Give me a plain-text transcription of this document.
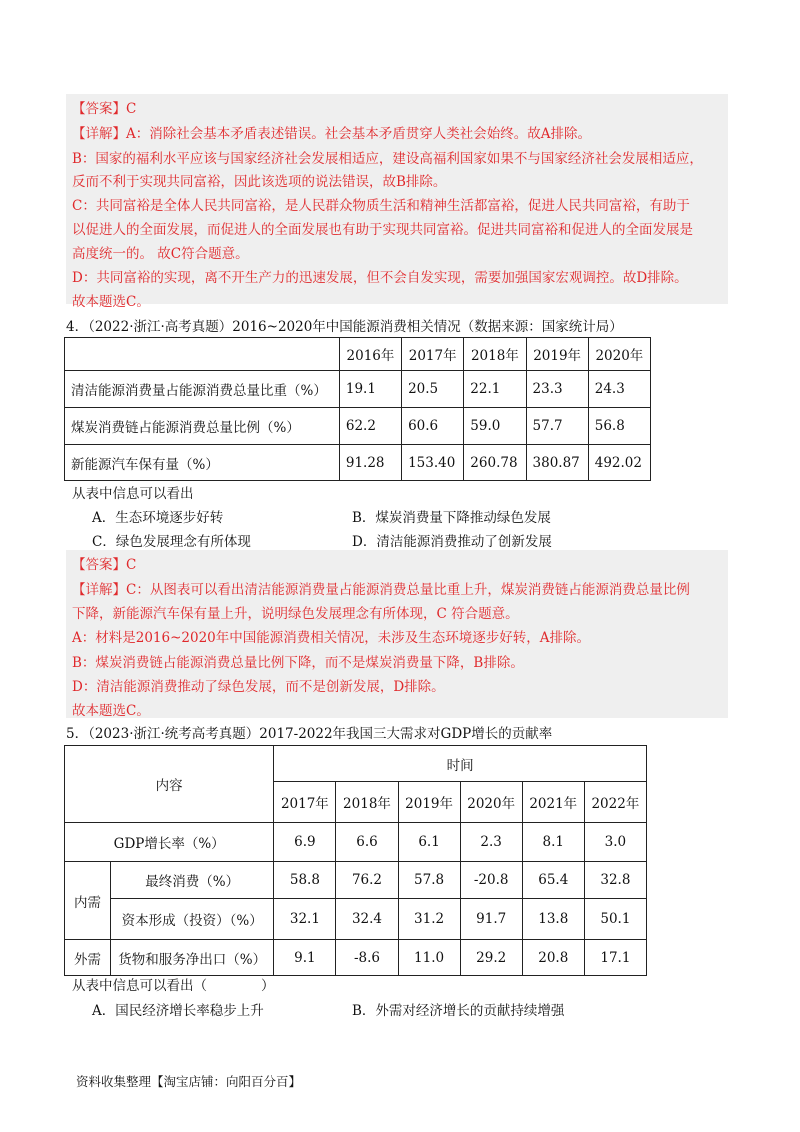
【答案】C
【详解】A：消除社会基本矛盾表述错误。社会基本矛盾贯穿人类社会始终。故A排除。
B：国家的福利水平应该与国家经济社会发展相适应，建设高福利国家如果不与国家经济社会发展相适应，
反而不利于实现共同富裕，因此该选项的说法错误，故B排除。
C：共同富裕是全体人民共同富裕，是人民群众物质生活和精神生活都富裕，促进人民共同富裕，有助于
以促进人的全面发展，而促进人的全面发展也有助于实现共同富裕。促进共同富裕和促进人的全面发展是
高度统一的。 故C符合题意。
D：共同富裕的实现，离不开生产力的迅速发展，但不会自发实现，需要加强国家宏观调控。故D排除。
故本题选C。
4．（2022·浙江·高考真题）2016~2020年中国能源消费相关情况（数据来源：国家统计局）
	2016年	2017年	2018年	2019年	2020年
清洁能源消费量占能源消费总量比重（%）	19.1	20.5	22.1	23.3	24.3
煤炭消费链占能源消费总量比例（%）	62.2	60.6	59.0	57.7	56.8
新能源汽车保有量（%）	91.28	153.40	260.78	380.87	492.02
从表中信息可以看出
A．生态环境逐步好转	B．煤炭消费量下降推动绿色发展
C．绿色发展理念有所体现	D．清洁能源消费推动了创新发展
【答案】C
【详解】C：从图表可以看出清洁能源消费量占能源消费总量比重上升，煤炭消费链占能源消费总量比例
下降，新能源汽车保有量上升，说明绿色发展理念有所体现，C 符合题意。
A：材料是2016~2020年中国能源消费相关情况，未涉及生态环境逐步好转，A排除。
B：煤炭消费链占能源消费总量比例下降，而不是煤炭消费量下降，B排除。
D：清洁能源消费推动了绿色发展，而不是创新发展，D排除。
故本题选C。
5．（2023·浙江·统考高考真题）2017-2022年我国三大需求对GDP增长的贡献率
内容		时间					
		2017年	2018年	2019年	2020年	2021年	2022年
GDP增长率（%）		6.9	6.6	6.1	2.3	8.1	3.0
内需	最终消费（%）	58.8	76.2	57.8	-20.8	65.4	32.8
	资本形成（投资）（%）	32.1	32.4	31.2	91.7	13.8	50.1
外需	货物和服务净出口（%）	9.1	-8.6	11.0	29.2	20.8	17.1
从表中信息可以看出（　　　　）
A．国民经济增长率稳步上升	B．外需对经济增长的贡献持续增强
资料收集整理【淘宝店铺：向阳百分百】
